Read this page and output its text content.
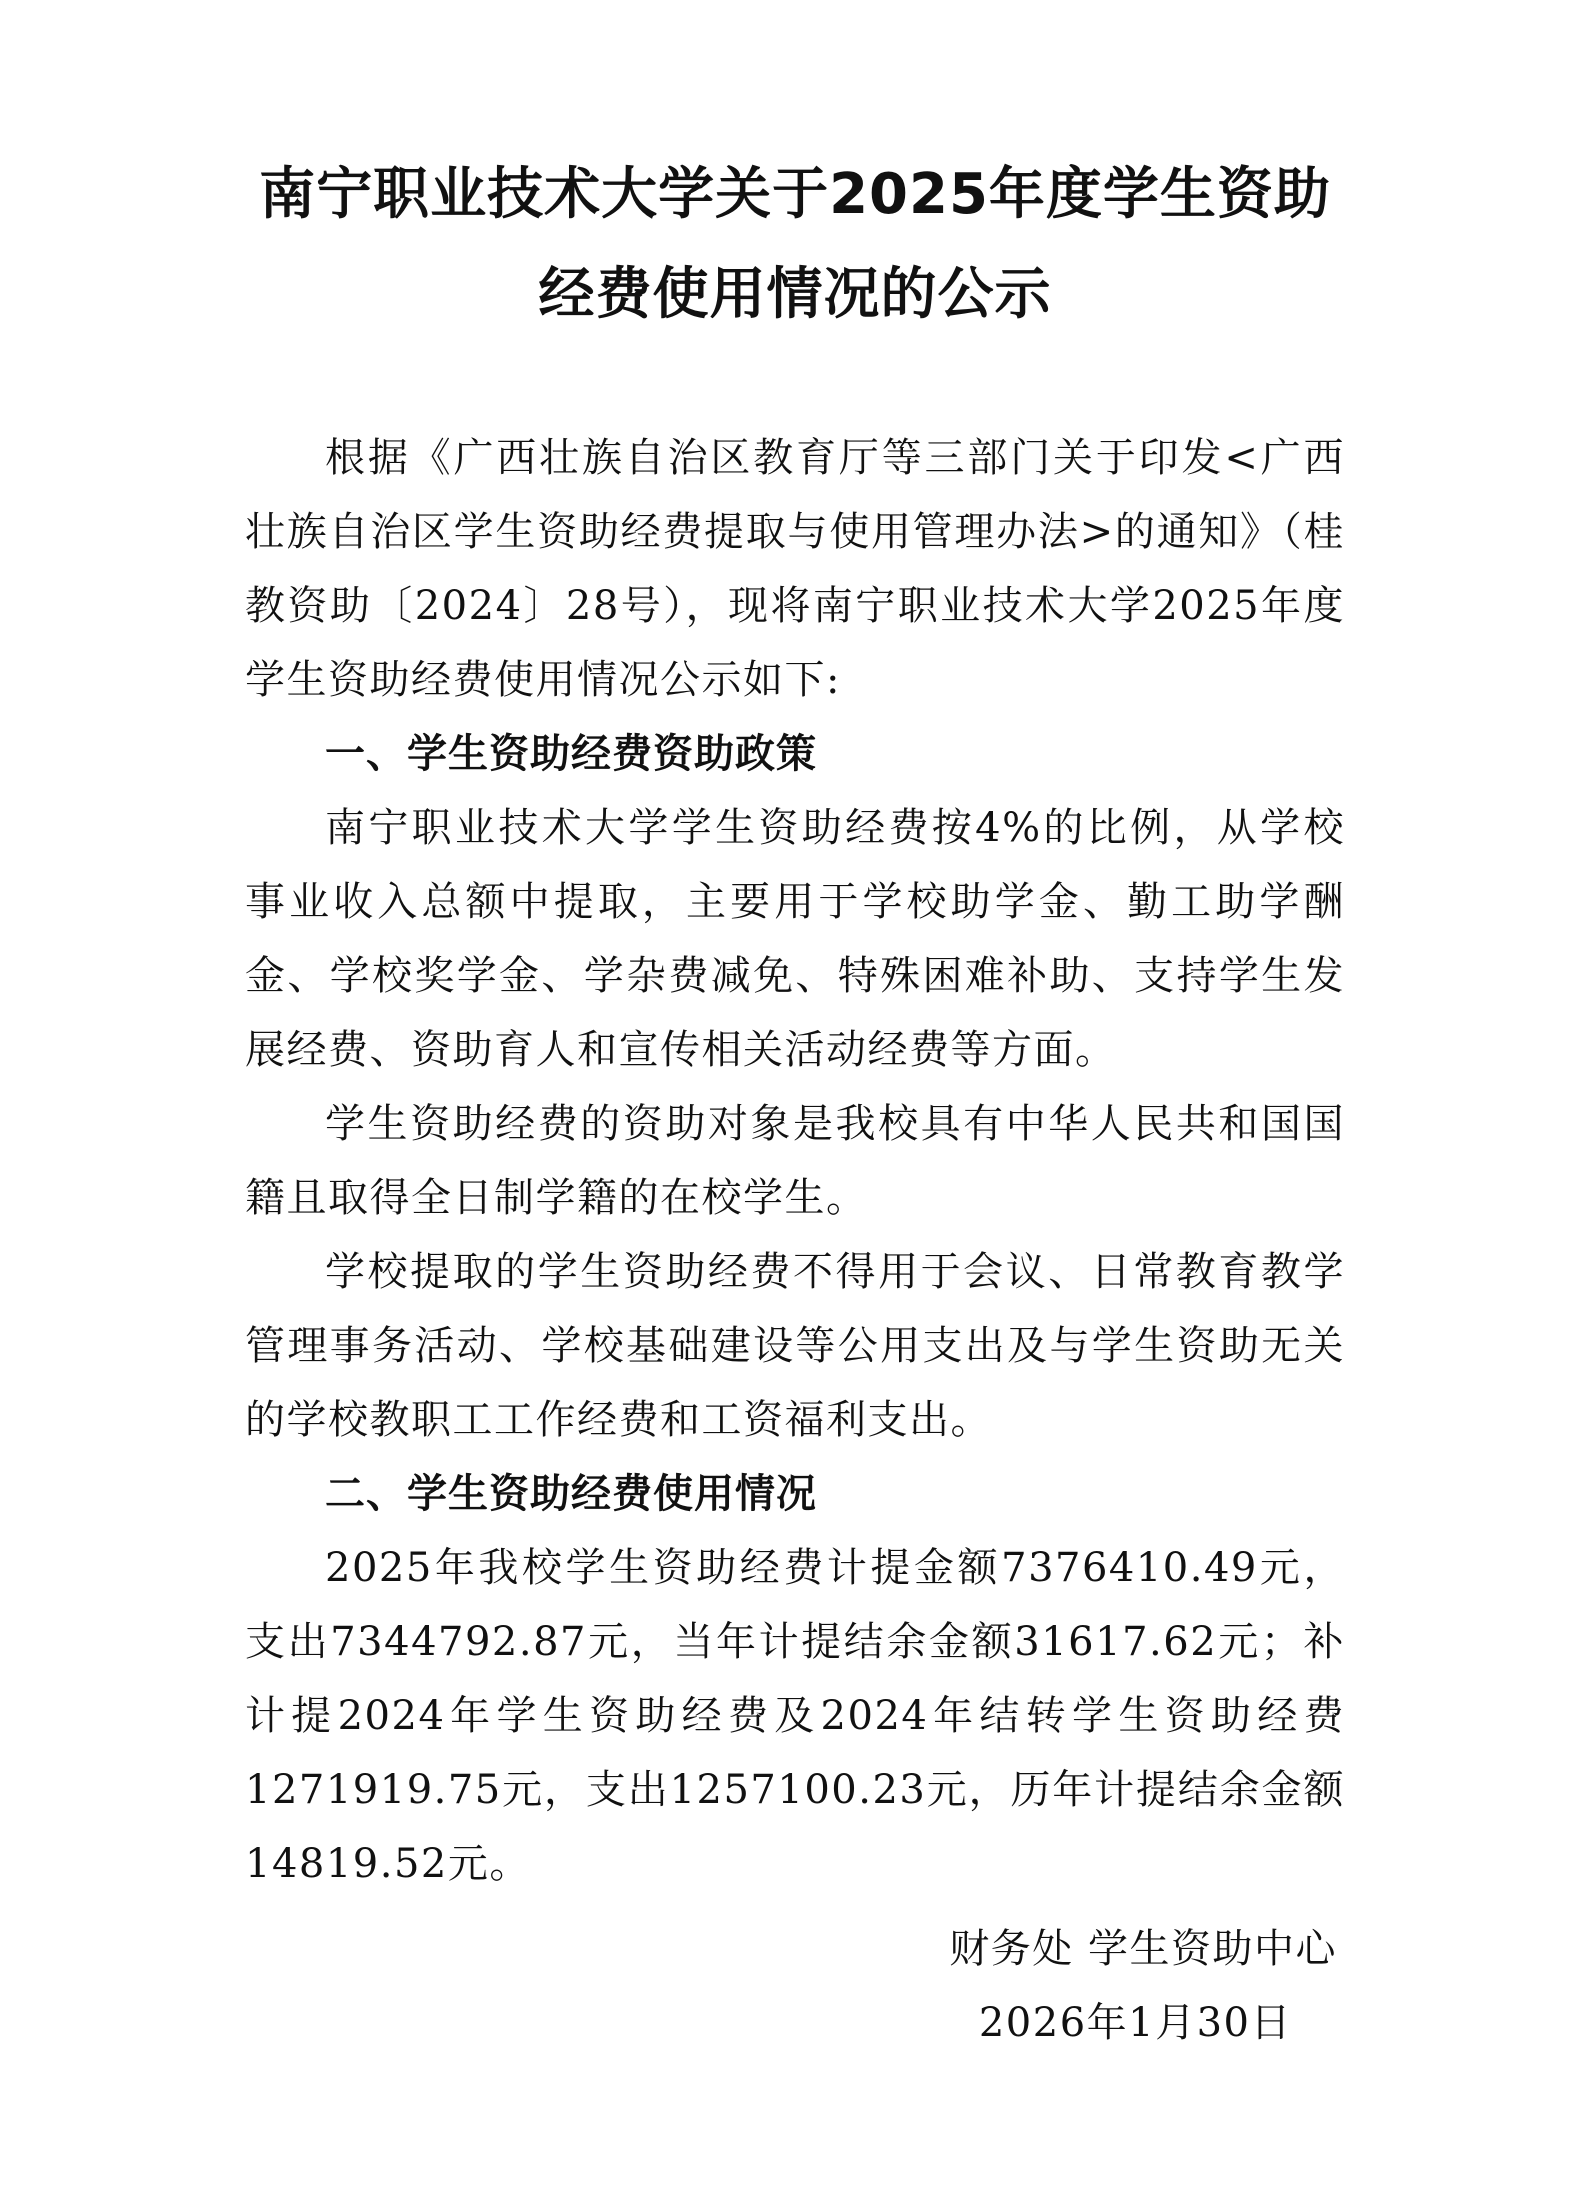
南宁职业技术大学关于2025年度学生资助
经费使用情况的公示

根据《广西壮族自治区教育厅等三部门关于印发<广西壮族自治区学生资助经费提取与使用管理办法>的通知》（桂教资助〔2024〕28号），现将南宁职业技术大学2025年度学生资助经费使用情况公示如下:

一、学生资助经费资助政策

南宁职业技术大学学生资助经费按4%的比例，从学校事业收入总额中提取，主要用于学校助学金、勤工助学酬金、学校奖学金、学杂费减免、特殊困难补助、支持学生发展经费、资助育人和宣传相关活动经费等方面。

学生资助经费的资助对象是我校具有中华人民共和国国籍且取得全日制学籍的在校学生。

学校提取的学生资助经费不得用于会议、日常教育教学管理事务活动、学校基础建设等公用支出及与学生资助无关的学校教职工工作经费和工资福利支出。

二、学生资助经费使用情况

2025年我校学生资助经费计提金额7376410.49元，支出7344792.87元，当年计提结余金额31617.62元；补计提2024年学生资助经费及2024年结转学生资助经费1271919.75元，支出1257100.23元，历年计提结余金额14819.52元。

财务处 学生资助中心
2026年1月30日
